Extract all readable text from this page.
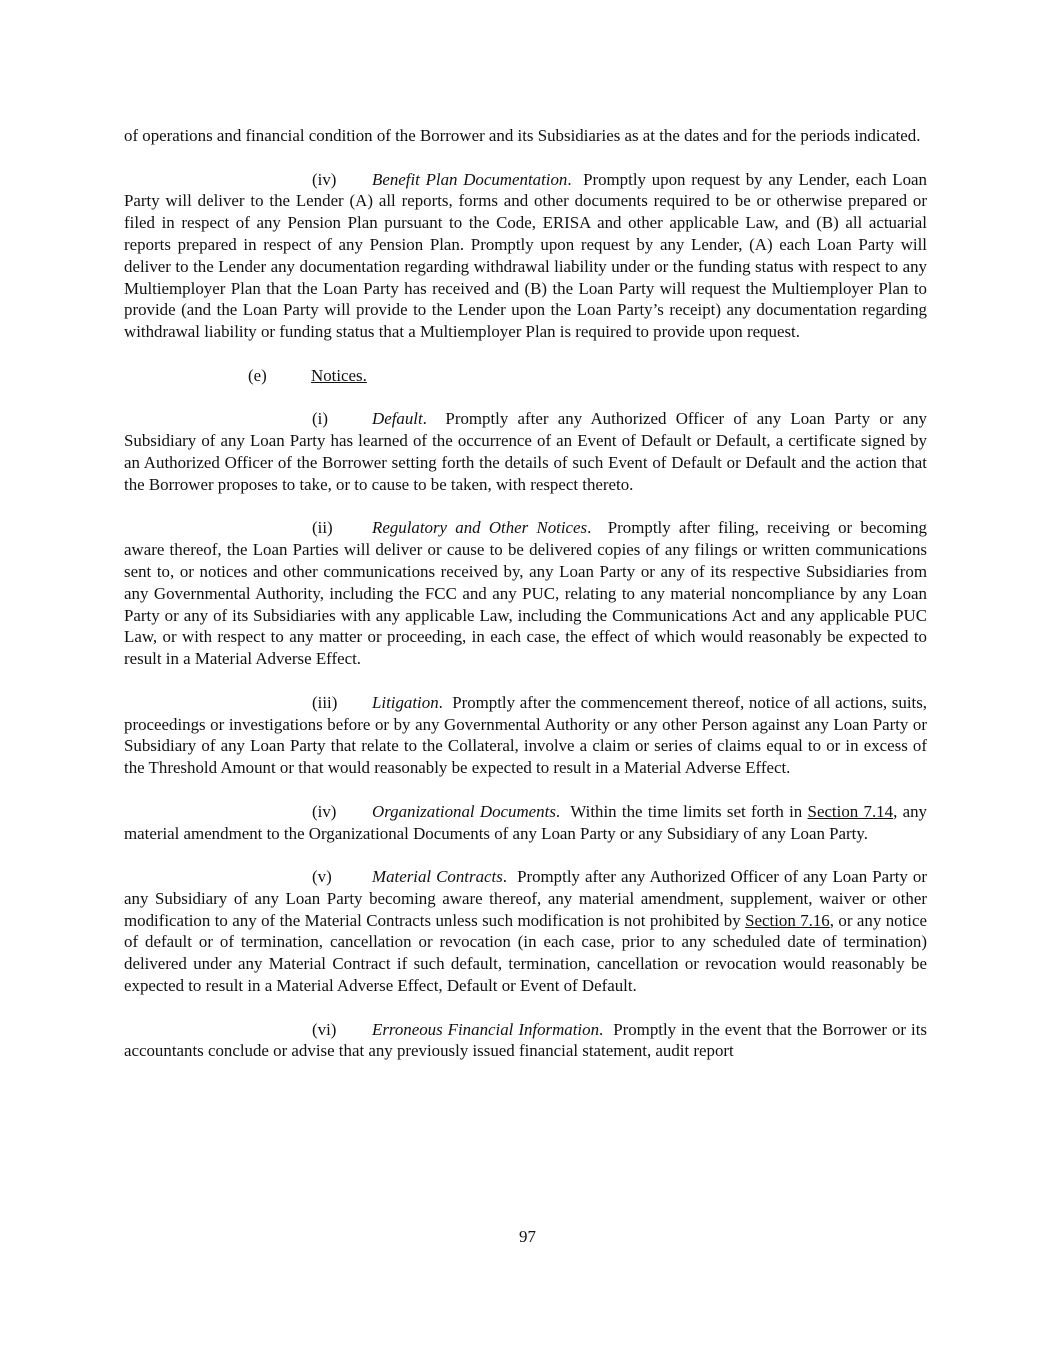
of operations and financial condition of the Borrower and its Subsidiaries as at the dates and for the periods indicated.

(iv) Benefit Plan Documentation.  Promptly upon request by any Lender, each Loan Party will deliver to the Lender (A) all reports, forms and other documents required to be or otherwise prepared or filed in respect of any Pension Plan pursuant to the Code, ERISA and other applicable Law, and (B) all actuarial reports prepared in respect of any Pension Plan. Promptly upon request by any Lender, (A) each Loan Party will deliver to the Lender any documentation regarding withdrawal liability under or the funding status with respect to any Multiemployer Plan that the Loan Party has received and (B) the Loan Party will request the Multiemployer Plan to provide (and the Loan Party will provide to the Lender upon the Loan Party’s receipt) any documentation regarding withdrawal liability or funding status that a Multiemployer Plan is required to provide upon request.

(e)	Notices.

(i)	Default.  Promptly after any Authorized Officer of any Loan Party or any Subsidiary of any Loan Party has learned of the occurrence of an Event of Default or Default, a certificate signed by an Authorized Officer of the Borrower setting forth the details of such Event of Default or Default and the action that the Borrower proposes to take, or to cause to be taken, with respect thereto.

(ii) Regulatory and Other Notices.  Promptly after filing, receiving or becoming aware thereof, the Loan Parties will deliver or cause to be delivered copies of any filings or written communications sent to, or notices and other communications received by, any Loan Party or any of its respective Subsidiaries from any Governmental Authority, including the FCC and any PUC, relating to any material noncompliance by any Loan Party or any of its Subsidiaries with any applicable Law, including the Communications Act and any applicable PUC Law, or with respect to any matter or proceeding, in each case, the effect of which would reasonably be expected to result in a Material Adverse Effect.

(iii) Litigation.  Promptly after the commencement thereof, notice of all actions, suits, proceedings or investigations before or by any Governmental Authority or any other Person against any Loan Party or Subsidiary of any Loan Party that relate to the Collateral, involve a claim or series of claims equal to or in excess of the Threshold Amount or that would reasonably be expected to result in a Material Adverse Effect.

(iv) Organizational Documents.  Within the time limits set forth in Section 7.14, any material amendment to the Organizational Documents of any Loan Party or any Subsidiary of any Loan Party.

(v) Material Contracts.  Promptly after any Authorized Officer of any Loan Party or any Subsidiary of any Loan Party becoming aware thereof, any material amendment, supplement, waiver or other modification to any of the Material Contracts unless such modification is not prohibited by Section 7.16, or any notice of default or of termination, cancellation or revocation (in each case, prior to any scheduled date of termination) delivered under any Material Contract if such default, termination, cancellation or revocation would reasonably be expected to result in a Material Adverse Effect, Default or Event of Default.

(vi) Erroneous Financial Information.  Promptly in the event that the Borrower or its accountants conclude or advise that any previously issued financial statement, audit report

97
